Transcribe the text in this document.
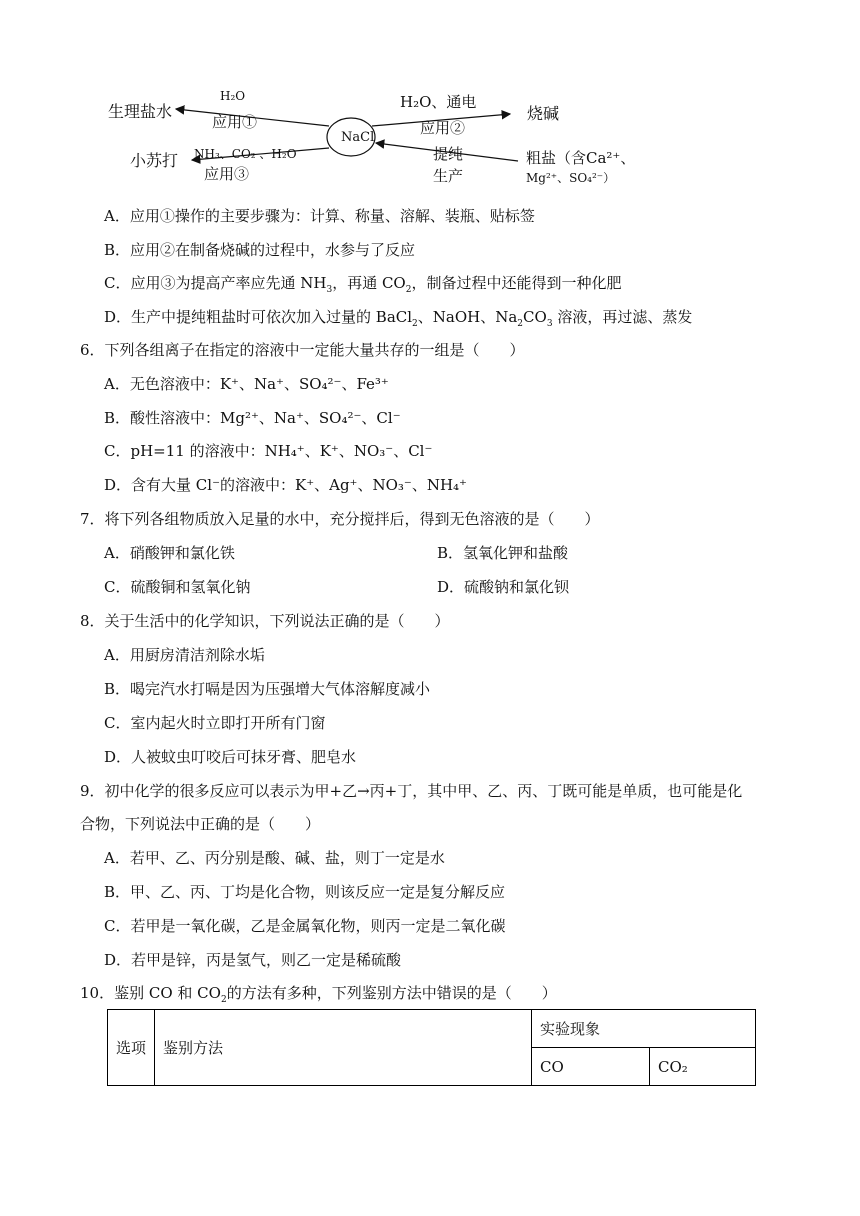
NaCl
生理盐水
H₂O
应用①
小苏打 NH₃、CO₂ 、H₂O
应用③
H₂O、通电
应用②
烧碱
提纯
生产
粗盐（含Ca²⁺、
Mg²⁺、SO₄²⁻）
A．应用①操作的主要步骤为：计算、称量、溶解、装瓶、贴标签
B．应用②在制备烧碱的过程中，水参与了反应
C．应用③为提高产率应先通 $NH_3$，再通 $CO_2$，制备过程中还能得到一种化肥
D．生产中提纯粗盐时可依次加入过量的 BaCl$_2$、NaOH、$Na_2CO_3$ 溶液，再过滤、蒸发
6．下列各组离子在指定的溶液中一定能大量共存的一组是（　　）
A．无色溶液中：K⁺、Na⁺、SO₄²⁻、Fe³⁺
B．酸性溶液中：Mg²⁺、Na⁺、SO₄²⁻、Cl⁻
C．pH=11 的溶液中：NH₄⁺、K⁺、NO₃⁻、Cl⁻
D．含有大量 Cl⁻的溶液中：K⁺、Ag⁺、NO₃⁻、NH₄⁺
7．将下列各组物质放入足量的水中，充分搅拌后，得到无色溶液的是（　　）
A．硝酸钾和氯化铁	B．氢氧化钾和盐酸
C．硫酸铜和氢氧化钠	D．硫酸钠和氯化钡
8．关于生活中的化学知识，下列说法正确的是（　　）
A．用厨房清洁剂除水垢
B．喝完汽水打嗝是因为压强增大气体溶解度减小
C．室内起火时立即打开所有门窗
D．人被蚊虫叮咬后可抹牙膏、肥皂水
9．初中化学的很多反应可以表示为甲+乙→丙+丁，其中甲、乙、丙、丁既可能是单质，也可能是化
合物，下列说法中正确的是（　　）
A．若甲、乙、丙分别是酸、碱、盐，则丁一定是水
B．甲、乙、丙、丁均是化合物，则该反应一定是复分解反应
C．若甲是一氧化碳，乙是金属氧化物，则丙一定是二氧化碳
D．若甲是锌，丙是氢气，则乙一定是稀硫酸
10．鉴别 CO 和 $CO_2$的方法有多种，下列鉴别方法中错误的是（　　）
选项	鉴别方法	实验现象	
		CO	CO₂
